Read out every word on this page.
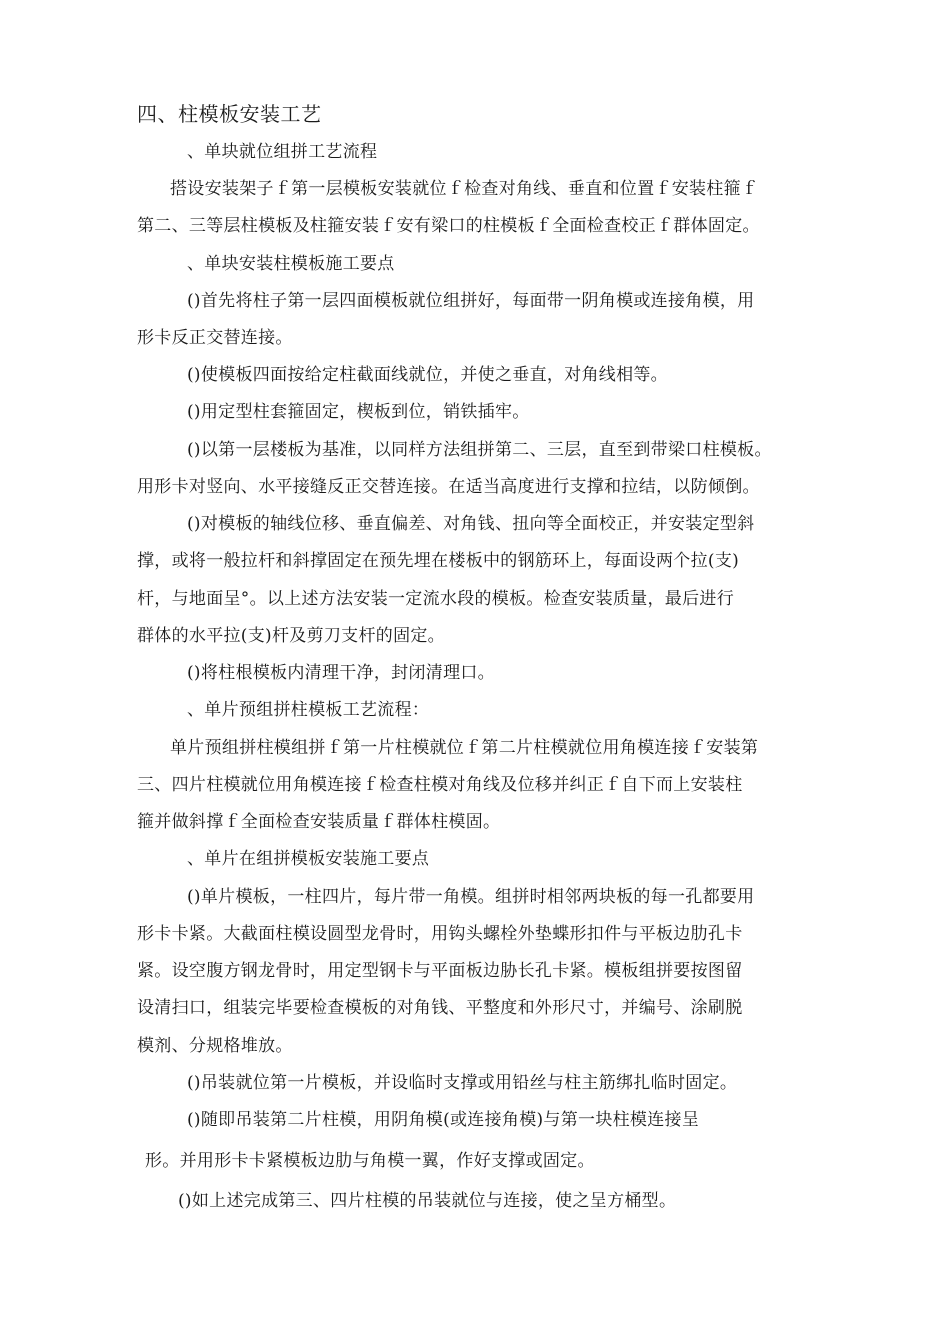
四、柱模板安装工艺
、单块就位组拼工艺流程
搭设安装架子ｆ第一层模板安装就位ｆ检查对角线、垂直和位置ｆ安装柱箍ｆ
第二、三等层柱模板及柱箍安装ｆ安有梁口的柱模板ｆ全面检查校正ｆ群体固定。
、单块安装柱模板施工要点
()首先将柱子第一层四面模板就位组拼好，每面带一阴角模或连接角模，用
形卡反正交替连接。
()使模板四面按给定柱截面线就位，并使之垂直，对角线相等。
()用定型柱套箍固定，楔板到位，销铁插牢。
()以第一层楼板为基准，以同样方法组拼第二、三层，直至到带梁口柱模板。
用形卡对竖向、水平接缝反正交替连接。在适当高度进行支撑和拉结，以防倾倒。
()对模板的轴线位移、垂直偏差、对角钱、扭向等全面校正，并安装定型斜
撑，或将一般拉杆和斜撑固定在预先埋在楼板中的钢筋环上，每面设两个拉(支)
杆，与地面呈°。以上述方法安装一定流水段的模板。检查安装质量，最后进行
群体的水平拉(支)杆及剪刀支杆的固定。
()将柱根模板内清理干净，封闭清理口。
、单片预组拼柱模板工艺流程：
单片预组拼柱模组拼ｆ第一片柱模就位ｆ第二片柱模就位用角模连接ｆ安装第
三、四片柱模就位用角模连接ｆ检查柱模对角线及位移并纠正ｆ自下而上安装柱
箍并做斜撑ｆ全面检查安装质量ｆ群体柱模固。
、单片在组拼模板安装施工要点
()单片模板，一柱四片，每片带一角模。组拼时相邻两块板的每一孔都要用
形卡卡紧。大截面柱模设圆型龙骨时，用钩头螺栓外垫蝶形扣件与平板边肋孔卡
紧。设空腹方钢龙骨时，用定型钢卡与平面板边胁长孔卡紧。模板组拼要按图留
设清扫口，组装完毕要检查模板的对角钱、平整度和外形尺寸，并编号、涂刷脱
模剂、分规格堆放。
()吊装就位第一片模板，并设临时支撑或用铅丝与柱主筋绑扎临时固定。
()随即吊装第二片柱模，用阴角模(或连接角模)与第一块柱模连接呈
形。并用形卡卡紧模板边肋与角模一翼，作好支撑或固定。
()如上述完成第三、四片柱模的吊装就位与连接，使之呈方桶型。
